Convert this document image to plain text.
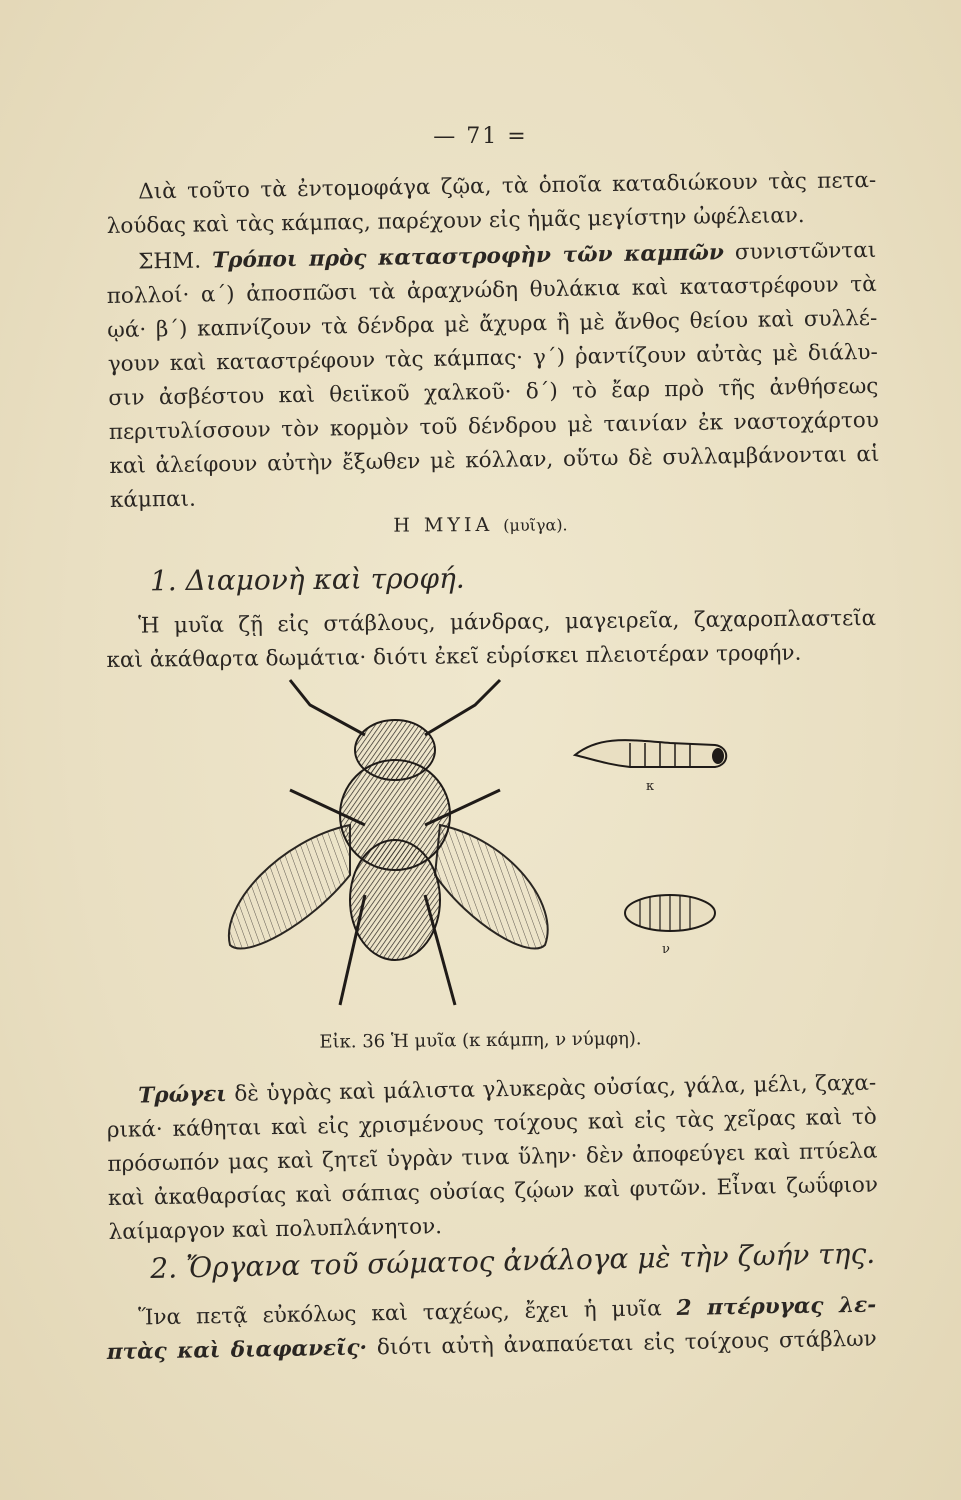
— 71 =
Διὰ τοῦτο τὰ ἐντομοφάγα ζῷα, τὰ ὁποῖα καταδιώκουν τὰς πετα-
λούδας καὶ τὰς κάμπας, παρέχουν εἰς ἡμᾶς μεγίστην ὠφέλειαν.
ΣΗΜ. Τρόποι πρὸς καταστροφὴν τῶν καμπῶν συνιστῶνται
πολλοί· α΄) ἀποσπῶσι τὰ ἀραχνώδη θυλάκια καὶ καταστρέφουν τὰ
ῳά· β΄) καπνίζουν τὰ δένδρα μὲ ἄχυρα ἢ μὲ ἄνθος θείου καὶ συλλέ-
γουν καὶ καταστρέφουν τὰς κάμπας· γ΄) ῥαντίζουν αὐτὰς μὲ διάλυ-
σιν ἀσβέστου καὶ θειϊκοῦ χαλκοῦ· δ΄) τὸ ἔαρ πρὸ τῆς ἀνθήσεως
περιτυλίσσουν τὸν κορμὸν τοῦ δένδρου μὲ ταινίαν ἐκ ναστοχάρτου
καὶ ἀλείφουν αὐτὴν ἔξωθεν μὲ κόλλαν, οὕτω δὲ συλλαμβάνονται αἱ
κάμπαι.
Η ΜΥΙΑ (μυῖγα).
1. Διαμονὴ καὶ τροφή.
Ἡ μυῖα ζῇ εἰς στάβλους, μάνδρας, μαγειρεῖα, ζαχαροπλαστεῖα
καὶ ἀκάθαρτα δωμάτια· διότι ἐκεῖ εὑρίσκει πλειοτέραν τροφήν.
κ
ν
Εἰκ. 36 Ἡ μυῖα (κ κάμπη, ν νύμφη).
Τρώγει δὲ ὑγρὰς καὶ μάλιστα γλυκερὰς οὐσίας, γάλα, μέλι, ζαχα-
ρικά· κάθηται καὶ εἰς χρισμένους τοίχους καὶ εἰς τὰς χεῖρας καὶ τὸ
πρόσωπόν μας καὶ ζητεῖ ὑγρὰν τινα ὕλην· δὲν ἀποφεύγει καὶ πτύελα
καὶ ἀκαθαρσίας καὶ σάπιας οὐσίας ζῴων καὶ φυτῶν. Εἶναι ζωΰφιον
λαίμαργον καὶ πολυπλάνητον.
2. Ὄργανα τοῦ σώματος ἀνάλογα μὲ τὴν ζωήν της.
Ἵνα πετᾷ εὐκόλως καὶ ταχέως, ἔχει ἡ μυῖα 2 πτέρυγας λε-
πτὰς καὶ διαφανεῖς· διότι αὐτὴ ἀναπαύεται εἰς τοίχους στάβλων
